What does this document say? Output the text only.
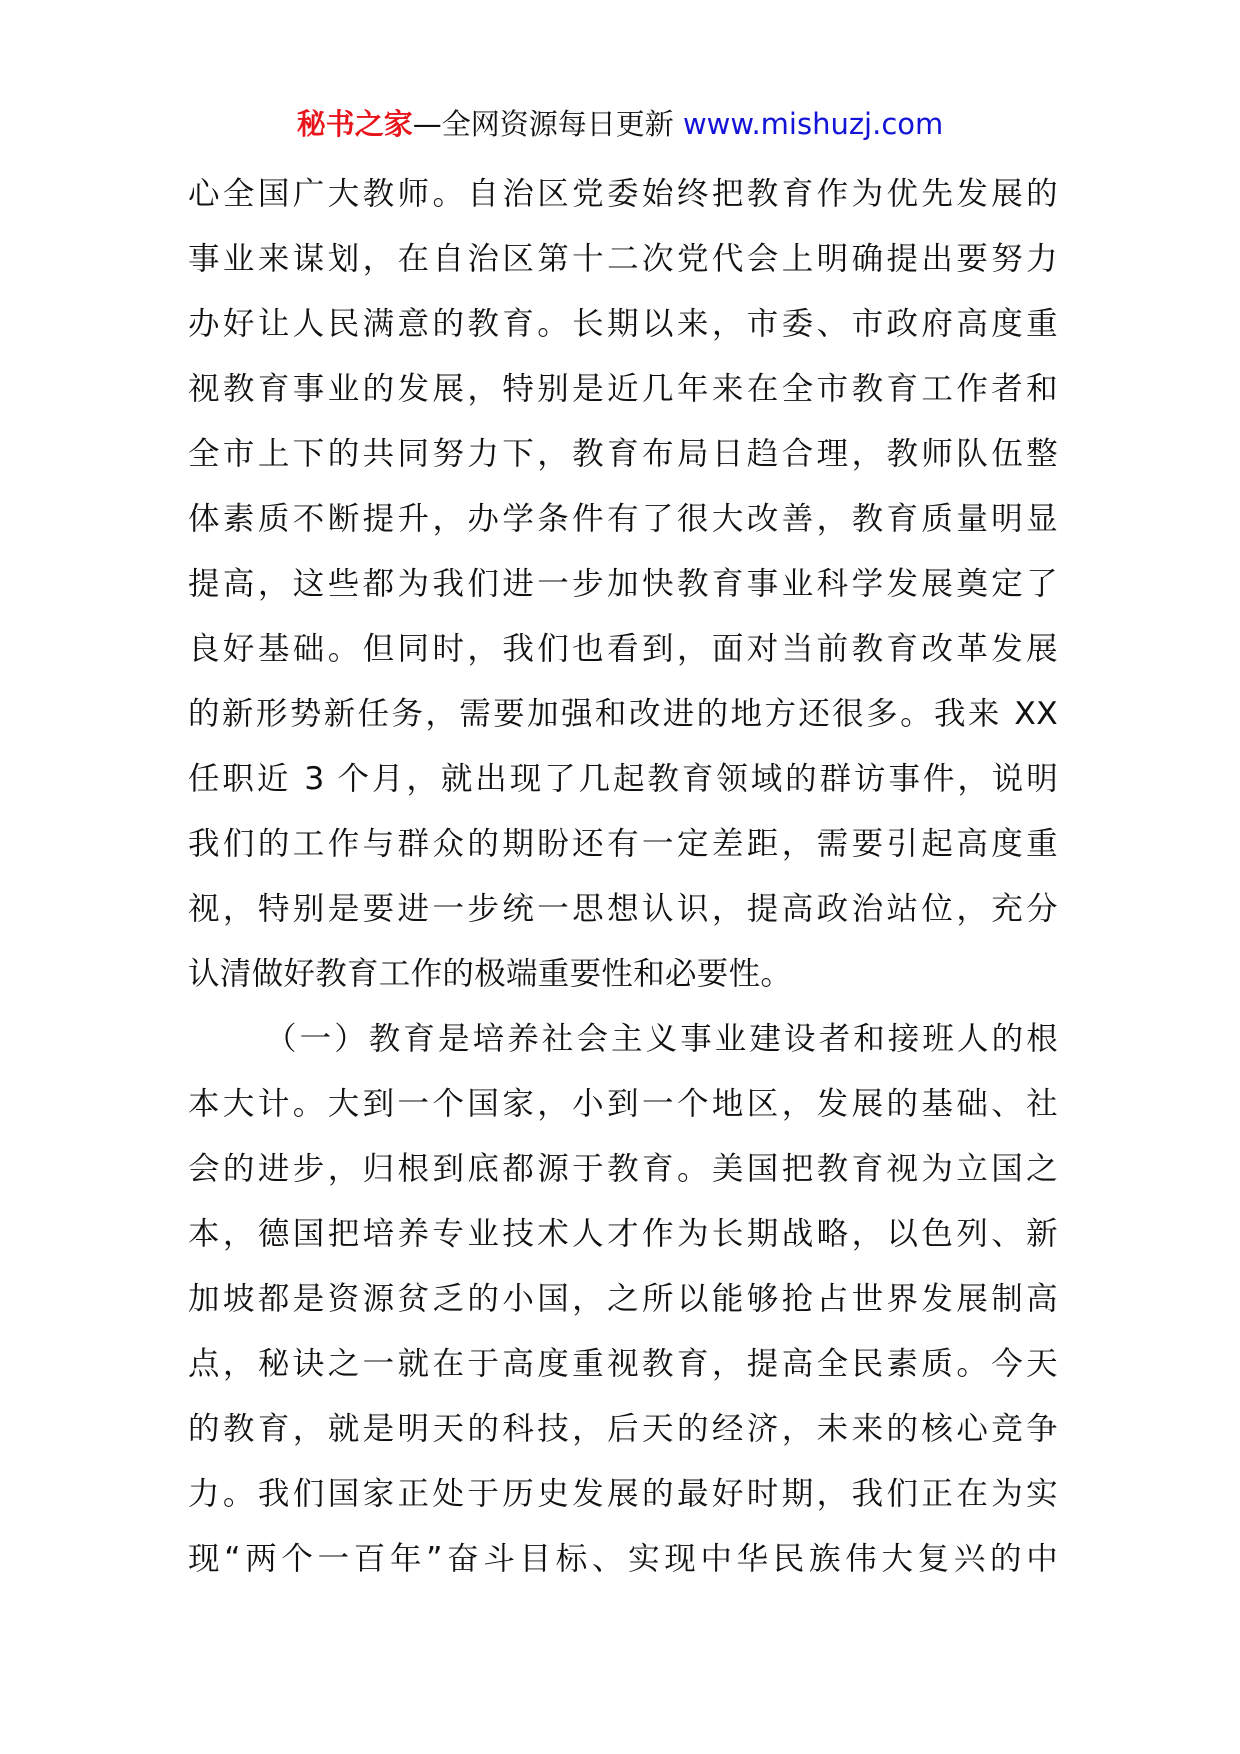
秘书之家—全网资源每日更新 www.mishuzj.com
心全国广大教师。自治区党委始终把教育作为优先发展的
事业来谋划，在自治区第十二次党代会上明确提出要努力
办好让人民满意的教育。长期以来，市委、市政府高度重
视教育事业的发展，特别是近几年来在全市教育工作者和
全市上下的共同努力下，教育布局日趋合理，教师队伍整
体素质不断提升，办学条件有了很大改善，教育质量明显
提高，这些都为我们进一步加快教育事业科学发展奠定了
良好基础。但同时，我们也看到，面对当前教育改革发展
的新形势新任务，需要加强和改进的地方还很多。我来 XX
任职近 3 个月，就出现了几起教育领域的群访事件，说明
我们的工作与群众的期盼还有一定差距，需要引起高度重
视，特别是要进一步统一思想认识，提高政治站位，充分
认清做好教育工作的极端重要性和必要性。
（一）教育是培养社会主义事业建设者和接班人的根
本大计。大到一个国家，小到一个地区，发展的基础、社
会的进步，归根到底都源于教育。美国把教育视为立国之
本，德国把培养专业技术人才作为长期战略，以色列、新
加坡都是资源贫乏的小国，之所以能够抢占世界发展制高
点，秘诀之一就在于高度重视教育，提高全民素质。今天
的教育，就是明天的科技，后天的经济，未来的核心竞争
力。我们国家正处于历史发展的最好时期，我们正在为实
现“两个一百年”奋斗目标、实现中华民族伟大复兴的中
